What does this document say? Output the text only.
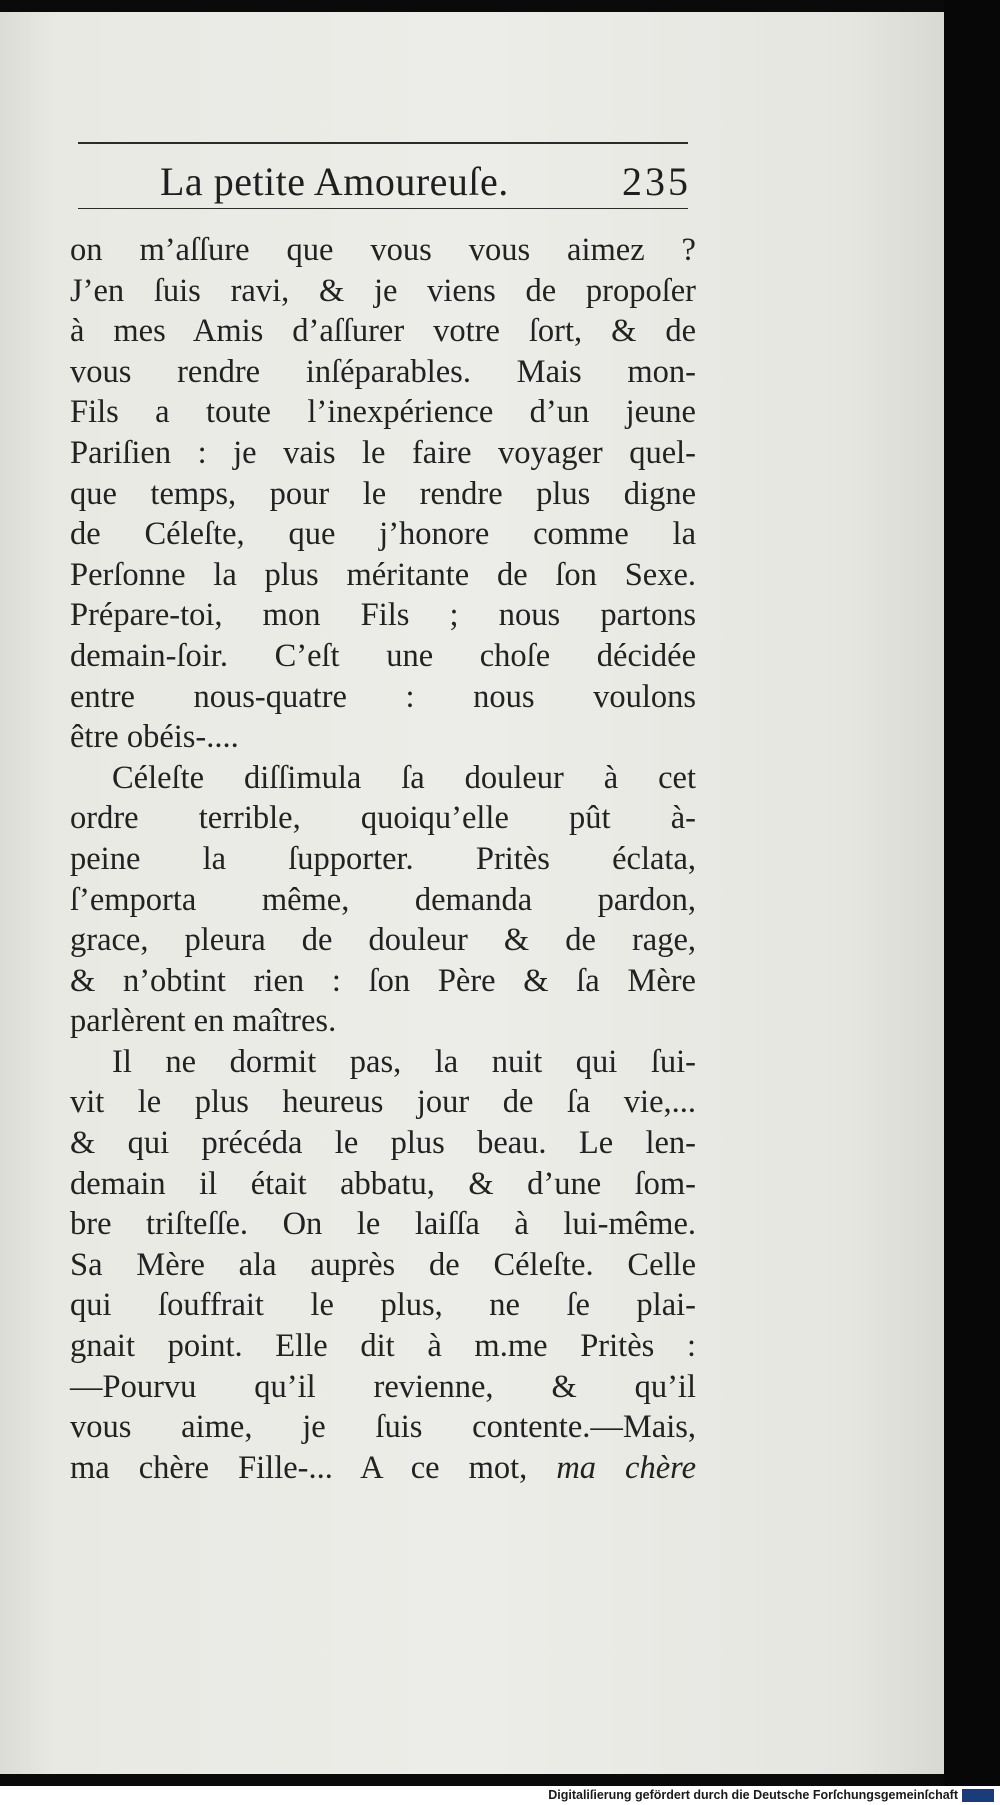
La petite Amoureuſe.	235
on m’aſſure que vous vous aimez ?
J’en ſuis ravi, & je viens de propoſer
à mes Amis d’aſſurer votre ſort, & de
vous rendre inſéparables. Mais mon-
Fils a toute l’inexpérience d’un jeune
Pariſien : je vais le faire voyager quel-
que temps, pour le rendre plus digne
de Céleſte, que j’honore comme la
Perſonne la plus méritante de ſon Sexe.
Prépare-toi, mon Fils ; nous partons
demain-ſoir. C’eſt une choſe décidée
entre nous-quatre : nous voulons
être obéis-....
Céleſte diſſimula ſa douleur à cet
ordre terrible, quoiqu’elle pût à-
peine la ſupporter. Pritès éclata,
ſ’emporta même, demanda pardon,
grace, pleura de douleur & de rage,
& n’obtint rien : ſon Père & ſa Mère
parlèrent en maîtres.
Il ne dormit pas, la nuit qui ſui-
vit le plus heureus jour de ſa vie,...
& qui précéda le plus beau. Le len-
demain il était abbatu, & d’une ſom-
bre triſteſſe. On le laiſſa à lui-même.
Sa Mère ala auprès de Céleſte. Celle
qui ſouffrait le plus, ne ſe plai-
gnait point. Elle dit à m.me Pritès :
—Pourvu qu’il revienne, & qu’il
vous aime, je ſuis contente.—Mais,
ma chère Fille-... A ce mot, ma chère
Digitaliſierung gefördert durch die Deutsche Forſchungsgemeinſchaft
